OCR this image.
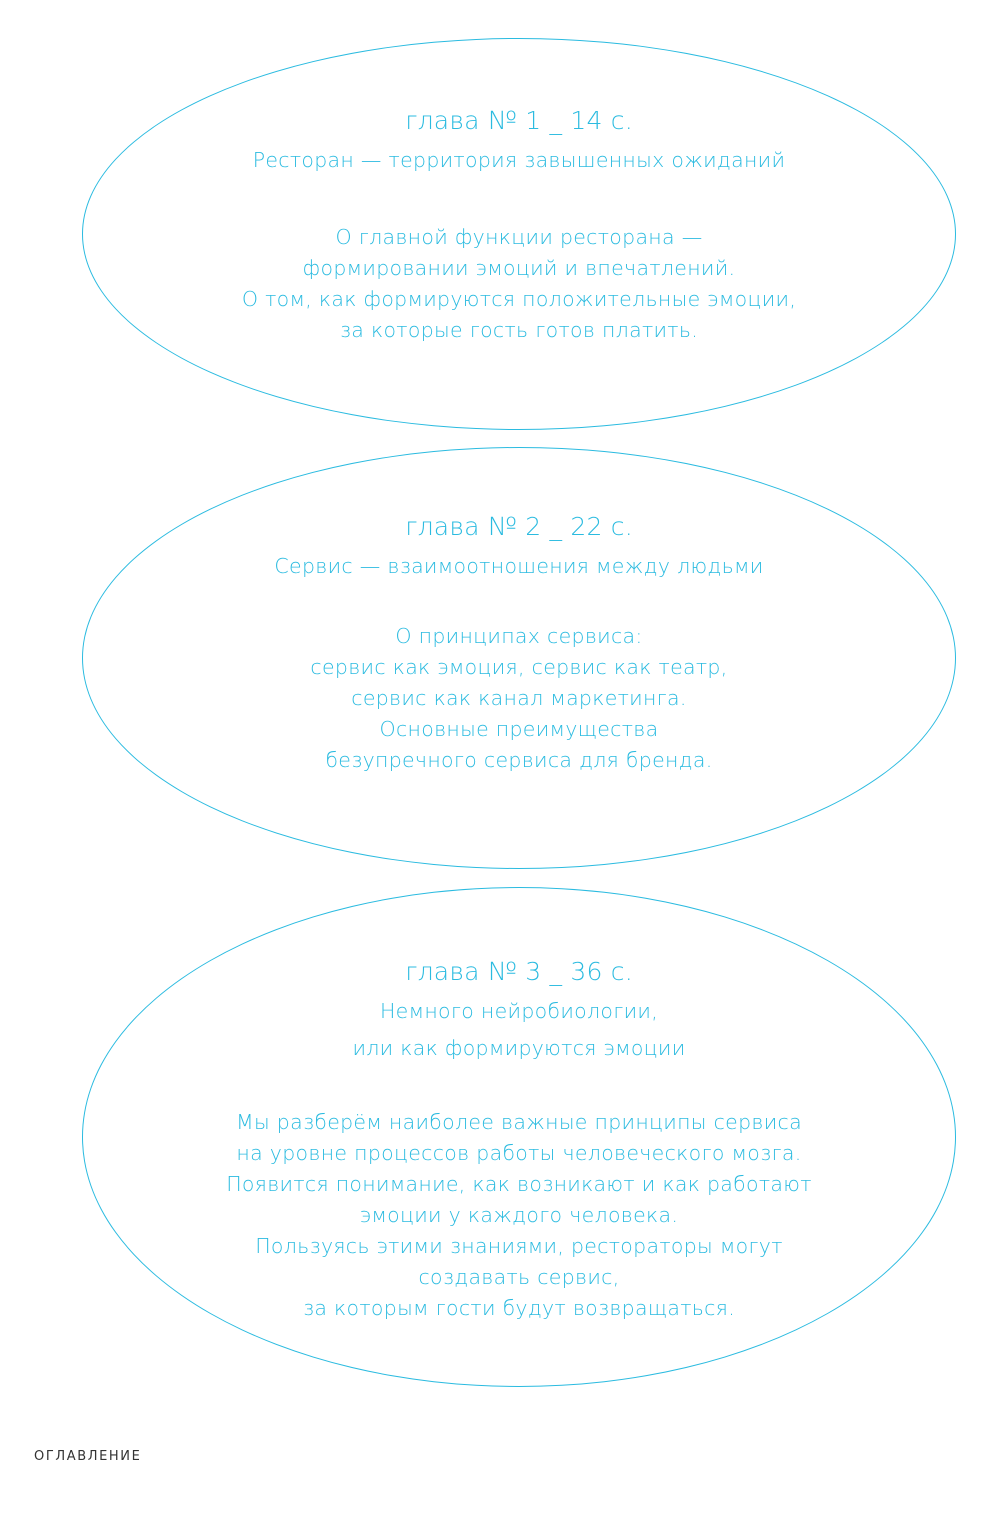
глава № 1 _ 14 с.

Ресторан — территория завышенных ожиданий

О главной функции ресторана —
формировании эмоций и впечатлений.
О том, как формируются положительные эмоции,
за которые гость готов платить.

глава № 2 _ 22 с.

Сервис — взаимоотношения между людьми

О принципах сервиса:
сервис как эмоция, сервис как театр,
сервис как канал маркетинга.
Основные преимущества
безупречного сервиса для бренда.

глава № 3 _ 36 с.

Немного нейробиологии,
или как формируются эмоции

Мы разберём наиболее важные принципы сервиса
на уровне процессов работы человеческого мозга.
Появится понимание, как возникают и как работают
эмоции у каждого человека.
Пользуясь этими знаниями, рестораторы могут
создавать сервис,
за которым гости будут возвращаться.

ОГЛАВЛЕНИЕ
